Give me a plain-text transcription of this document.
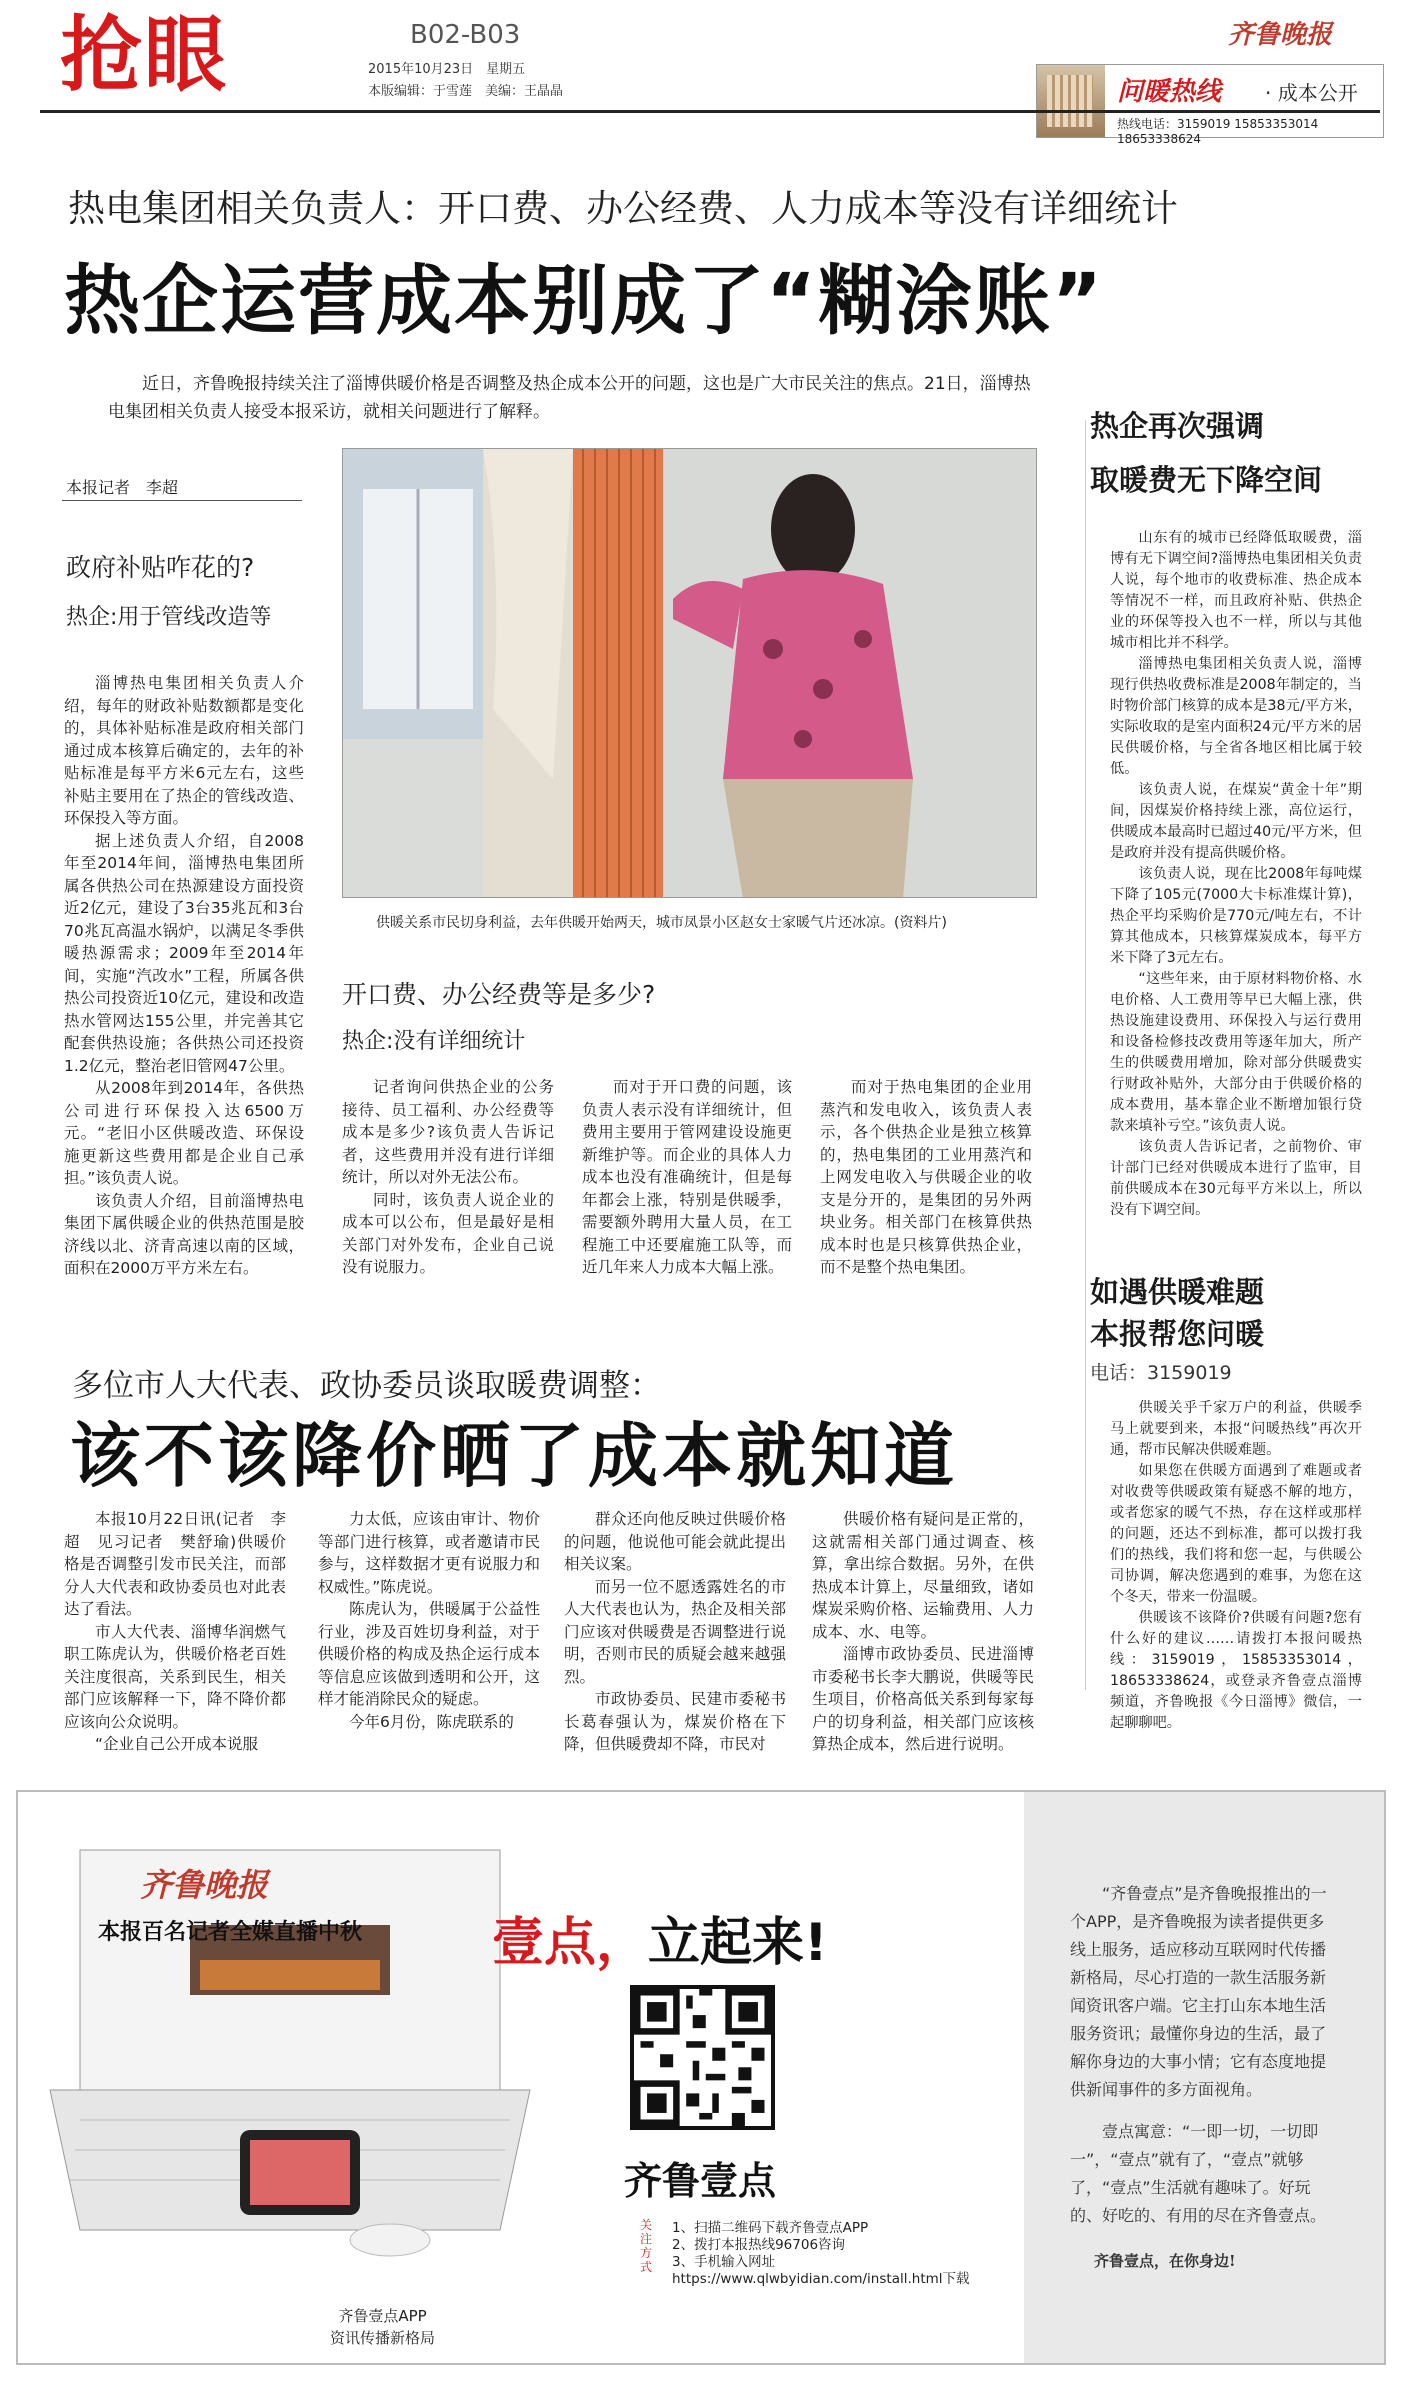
抢眼	B02-B03
2015年10月23日　星期五
本版编辑：于雪莲　美编：王晶晶
齐鲁晚报
问暖热线 · 成本公开
热线电话：3159019 15853353014 18653338624
热电集团相关负责人：开口费、办公经费、人力成本等没有详细统计
热企运营成本别成了“糊涂账”
近日，齐鲁晚报持续关注了淄博供暖价格是否调整及热企成本公开的问题，这也是广大市民关注的焦点。21日，淄博热电集团相关负责人接受本报采访，就相关问题进行了解释。
本报记者　李超
政府补贴咋花的?
热企:用于管线改造等

淄博热电集团相关负责人介绍，每年的财政补贴数额都是变化的，具体补贴标准是政府相关部门通过成本核算后确定的，去年的补贴标准是每平方米6元左右，这些补贴主要用在了热企的管线改造、环保投入等方面。

据上述负责人介绍，自2008年至2014年间，淄博热电集团所属各供热公司在热源建设方面投资近2亿元，建设了3台35兆瓦和3台70兆瓦高温水锅炉，以满足冬季供暖热源需求；2009年至2014年间，实施“汽改水”工程，所属各供热公司投资近10亿元，建设和改造热水管网达155公里，并完善其它配套供热设施；各供热公司还投资1.2亿元，整治老旧管网47公里。

从2008年到2014年，各供热公司进行环保投入达6500万元。“老旧小区供暖改造、环保设施更新这些费用都是企业自己承担。”该负责人说。

该负责人介绍，目前淄博热电集团下属供暖企业的供热范围是胶济线以北、济青高速以南的区域，面积在2000万平方米左右。

供暖关系市民切身利益，去年供暖开始两天，城市凤景小区赵女士家暖气片还冰凉。(资料片)
开口费、办公经费等是多少?
热企:没有详细统计

记者询问供热企业的公务接待、员工福利、办公经费等成本是多少?该负责人告诉记者，这些费用并没有进行详细统计，所以对外无法公布。

同时，该负责人说企业的成本可以公布，但是最好是相关部门对外发布，企业自己说没有说服力。

而对于开口费的问题，该负责人表示没有详细统计，但费用主要用于管网建设设施更新维护等。而企业的具体人力成本也没有准确统计，但是每年都会上涨，特别是供暖季，需要额外聘用大量人员，在工程施工中还要雇施工队等，而近几年来人力成本大幅上涨。

而对于热电集团的企业用蒸汽和发电收入，该负责人表示，各个供热企业是独立核算的，热电集团的工业用蒸汽和上网发电收入与供暖企业的收支是分开的，是集团的另外两块业务。相关部门在核算供热成本时也是只核算供热企业，而不是整个热电集团。

热企再次强调
取暖费无下降空间

山东有的城市已经降低取暖费，淄博有无下调空间?淄博热电集团相关负责人说，每个地市的收费标准、热企成本等情况不一样，而且政府补贴、供热企业的环保等投入也不一样，所以与其他城市相比并不科学。

淄博热电集团相关负责人说，淄博现行供热收费标准是2008年制定的，当时物价部门核算的成本是38元/平方米，实际收取的是室内面积24元/平方米的居民供暖价格，与全省各地区相比属于较低。

该负责人说，在煤炭“黄金十年”期间，因煤炭价格持续上涨，高位运行，供暖成本最高时已超过40元/平方米，但是政府并没有提高供暖价格。

该负责人说，现在比2008年每吨煤下降了105元(7000大卡标准煤计算)，热企平均采购价是770元/吨左右，不计算其他成本，只核算煤炭成本，每平方米下降了3元左右。

“这些年来，由于原材料物价格、水电价格、人工费用等早已大幅上涨，供热设施建设费用、环保投入与运行费用和设备检修技改费用等逐年加大，所产生的供暖费用增加，除对部分供暖费实行财政补贴外，大部分由于供暖价格的成本费用，基本靠企业不断增加银行贷款来填补亏空。”该负责人说。

该负责人告诉记者，之前物价、审计部门已经对供暖成本进行了监审，目前供暖成本在30元每平方米以上，所以没有下调空间。

如遇供暖难题
本报帮您问暖
电话：3159019

供暖关乎千家万户的利益，供暖季马上就要到来，本报“问暖热线”再次开通，帮市民解决供暖难题。

如果您在供暖方面遇到了难题或者对收费等供暖政策有疑惑不解的地方，或者您家的暖气不热，存在这样或那样的问题，还达不到标准，都可以拨打我们的热线，我们将和您一起，与供暖公司协调，解决您遇到的难事，为您在这个冬天，带来一份温暖。

供暖该不该降价?供暖有问题?您有什么好的建议……请拨打本报问暖热线：3159019，15853353014，18653338624，或登录齐鲁壹点淄博频道，齐鲁晚报《今日淄博》微信，一起聊聊吧。

多位市人大代表、政协委员谈取暖费调整：
该不该降价晒了成本就知道

本报10月22日讯(记者　李超　见习记者　樊舒瑜)供暖价格是否调整引发市民关注，而部分人大代表和政协委员也对此表达了看法。

市人大代表、淄博华润燃气职工陈虎认为，供暖价格老百姓关注度很高，关系到民生，相关部门应该解释一下，降不降价都应该向公众说明。

“企业自己公开成本说服

力太低，应该由审计、物价等部门进行核算，或者邀请市民参与，这样数据才更有说服力和权威性。”陈虎说。

陈虎认为，供暖属于公益性行业，涉及百姓切身利益，对于供暖价格的构成及热企运行成本等信息应该做到透明和公开，这样才能消除民众的疑虑。

今年6月份，陈虎联系的

群众还向他反映过供暖价格的问题，他说他可能会就此提出相关议案。

而另一位不愿透露姓名的市人大代表也认为，热企及相关部门应该对供暖费是否调整进行说明，否则市民的质疑会越来越强烈。

市政协委员、民建市委秘书长葛春强认为，煤炭价格在下降，但供暖费却不降，市民对

供暖价格有疑问是正常的，这就需相关部门通过调查、核算，拿出综合数据。另外，在供热成本计算上，尽量细致，诸如煤炭采购价格、运输费用、人力成本、水、电等。

淄博市政协委员、民进淄博市委秘书长李大鹏说，供暖等民生项目，价格高低关系到每家每户的切身利益，相关部门应该核算热企成本，然后进行说明。

齐鲁晚报
本报百名记者全媒直播中秋 壹点，立起来!
齐鲁壹点
关注方式
1、扫描二维码下载齐鲁壹点APP
2、拨打本报热线96706咨询
3、手机输入网址
https://www.qlwbyidian.com/install.html下载
齐鲁壹点APP
资讯传播新格局

“齐鲁壹点”是齐鲁晚报推出的一个APP，是齐鲁晚报为读者提供更多线上服务，适应移动互联网时代传播新格局，尽心打造的一款生活服务新闻资讯客户端。它主打山东本地生活服务资讯；最懂你身边的生活，最了解你身边的大事小情；它有态度地提供新闻事件的多方面视角。

壹点寓意：“一即一切，一切即一”，“壹点”就有了，“壹点”就够了，“壹点”生活就有趣味了。好玩的、好吃的、有用的尽在齐鲁壹点。

齐鲁壹点，在你身边!
